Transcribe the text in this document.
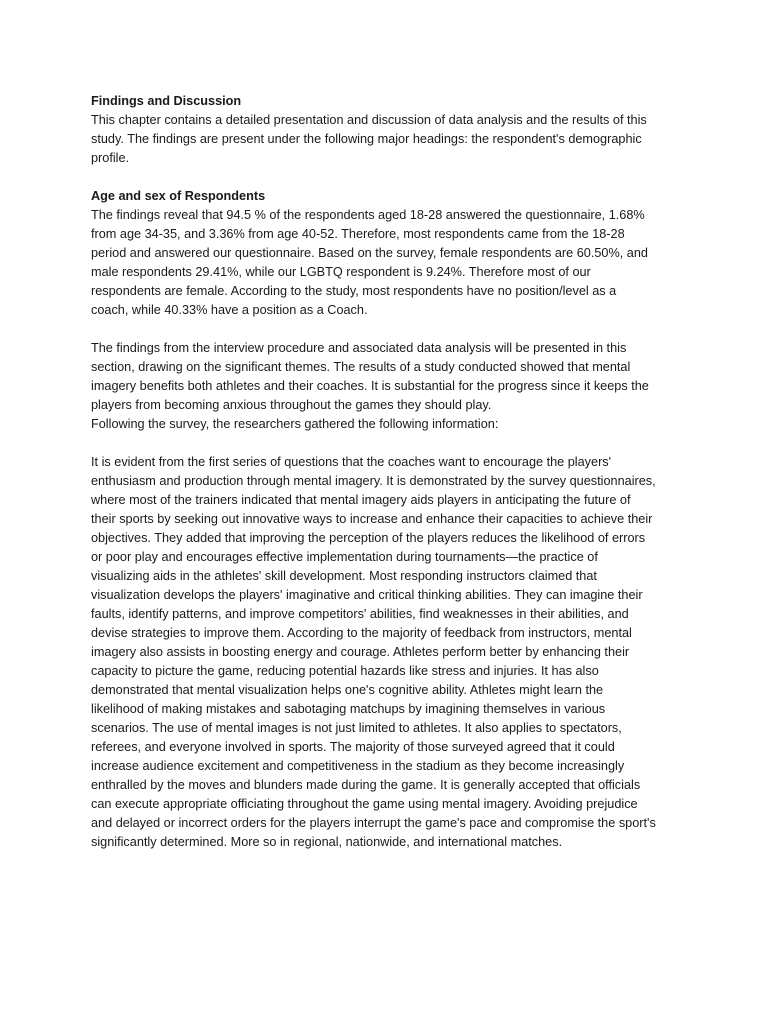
Findings and Discussion

This chapter contains a detailed presentation and discussion of data analysis and the results of this study. The findings are present under the following major headings: the respondent's demographic profile.

Age and sex of Respondents

The findings reveal that 94.5 % of the respondents aged 18-28 answered the questionnaire, 1.68% from age 34-35, and 3.36% from age 40-52. Therefore, most respondents came from the 18-28 period and answered our questionnaire. Based on the survey, female respondents are 60.50%, and male respondents 29.41%, while our LGBTQ respondent is 9.24%. Therefore most of our respondents are female. According to the study, most respondents have no position/level as a coach, while 40.33% have a position as a Coach.

The findings from the interview procedure and associated data analysis will be presented in this section, drawing on the significant themes. The results of a study conducted showed that mental imagery benefits both athletes and their coaches. It is substantial for the progress since it keeps the players from becoming anxious throughout the games they should play.

Following the survey, the researchers gathered the following information:

It is evident from the first series of questions that the coaches want to encourage the players' enthusiasm and production through mental imagery. It is demonstrated by the survey questionnaires, where most of the trainers indicated that mental imagery aids players in anticipating the future of their sports by seeking out innovative ways to increase and enhance their capacities to achieve their objectives. They added that improving the perception of the players reduces the likelihood of errors or poor play and encourages effective implementation during tournaments—the practice of visualizing aids in the athletes' skill development. Most responding instructors claimed that visualization develops the players' imaginative and critical thinking abilities. They can imagine their faults, identify patterns, and improve competitors' abilities, find weaknesses in their abilities, and devise strategies to improve them. According to the majority of feedback from instructors, mental imagery also assists in boosting energy and courage. Athletes perform better by enhancing their capacity to picture the game, reducing potential hazards like stress and injuries. It has also demonstrated that mental visualization helps one's cognitive ability. Athletes might learn the likelihood of making mistakes and sabotaging matchups by imagining themselves in various scenarios. The use of mental images is not just limited to athletes. It also applies to spectators, referees, and everyone involved in sports. The majority of those surveyed agreed that it could increase audience excitement and competitiveness in the stadium as they become increasingly enthralled by the moves and blunders made during the game. It is generally accepted that officials can execute appropriate officiating throughout the game using mental imagery. Avoiding prejudice and delayed or incorrect orders for the players interrupt the game's pace and compromise the sport's significantly determined. More so in regional, nationwide, and international matches.
